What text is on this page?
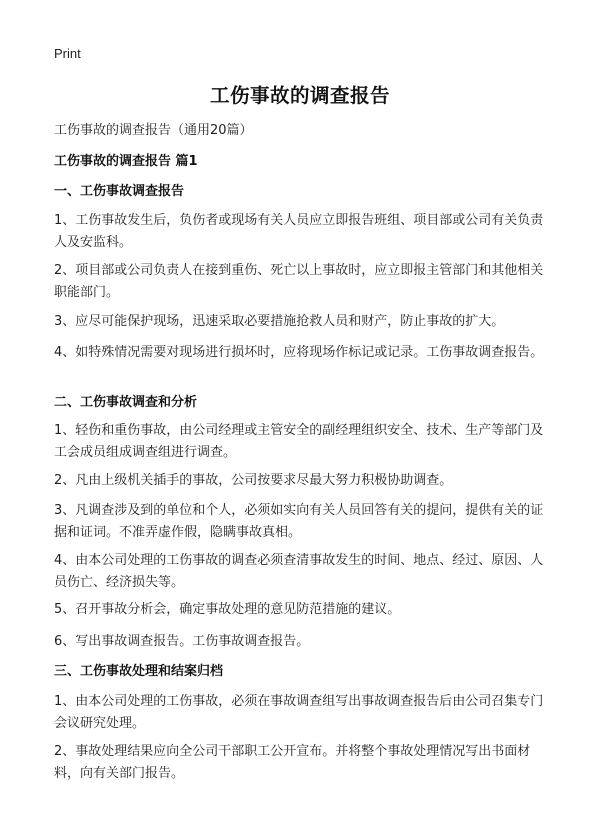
Print
工伤事故的调查报告
工伤事故的调查报告（通用20篇）
工伤事故的调查报告 篇1
一、工伤事故调查报告
1、工伤事故发生后，负伤者或现场有关人员应立即报告班组、项目部或公司有关负责人及安监科。
2、项目部或公司负责人在接到重伤、死亡以上事故时，应立即报主管部门和其他相关职能部门。
3、应尽可能保护现场，迅速采取必要措施抢救人员和财产，防止事故的扩大。
4、如特殊情况需要对现场进行损坏时，应将现场作标记或记录。工伤事故调查报告。
二、工伤事故调查和分析
1、轻伤和重伤事故，由公司经理或主管安全的副经理组织安全、技术、生产等部门及工会成员组成调查组进行调查。
2、凡由上级机关插手的事故，公司按要求尽最大努力积极协助调查。
3、凡调查涉及到的单位和个人，必须如实向有关人员回答有关的提问，提供有关的证据和证词。不准弄虚作假，隐瞒事故真相。
4、由本公司处理的工伤事故的调查必须查清事故发生的时间、地点、经过、原因、人员伤亡、经济损失等。
5、召开事故分析会，确定事故处理的意见防范措施的建议。
6、写出事故调查报告。工伤事故调查报告。
三、工伤事故处理和结案归档
1、由本公司处理的工伤事故，必须在事故调查组写出事故调查报告后由公司召集专门会议研究处理。
2、事故处理结果应向全公司干部职工公开宣布。并将整个事故处理情况写出书面材料，向有关部门报告。
